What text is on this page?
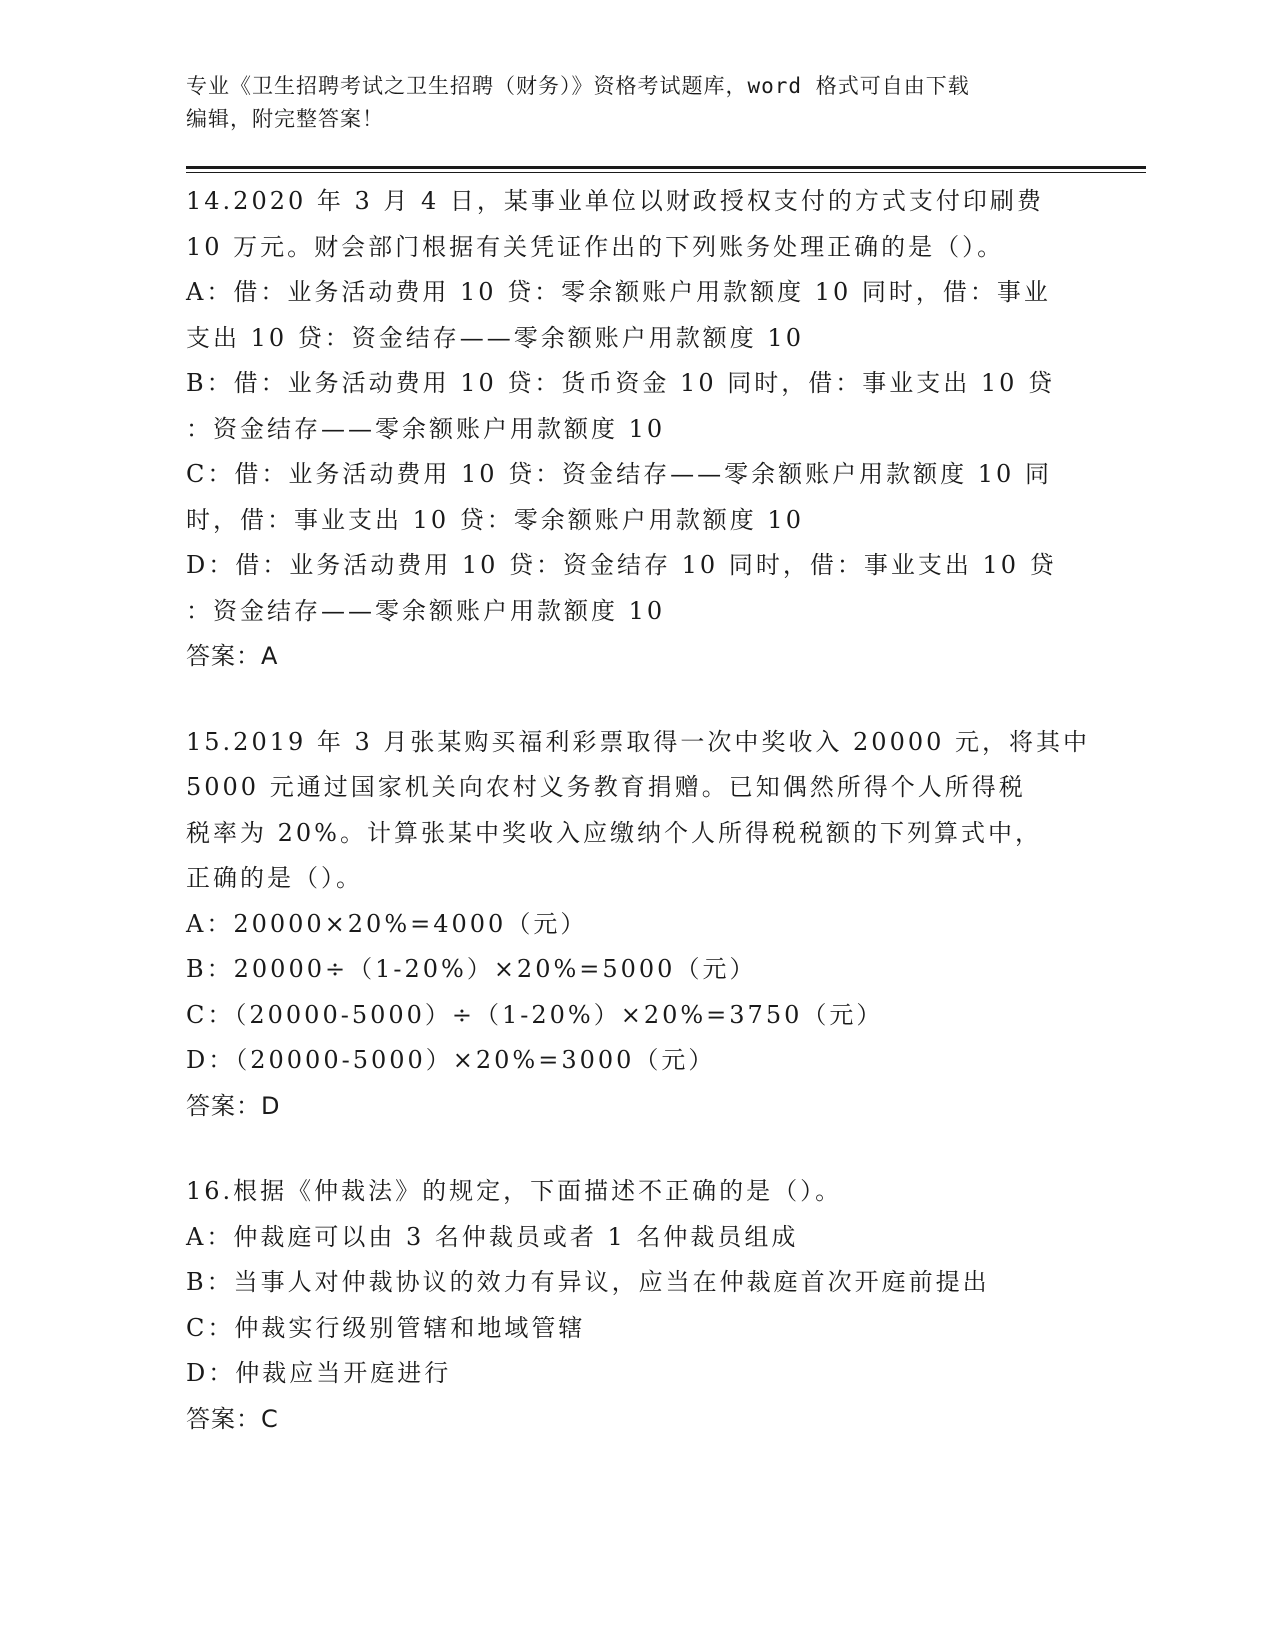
专业《卫生招聘考试之卫生招聘（财务）》资格考试题库，word 格式可自由下载
编辑，附完整答案！
14.2020 年 3 月 4 日，某事业单位以财政授权支付的方式支付印刷费
10 万元。财会部门根据有关凭证作出的下列账务处理正确的是（）。
A：借：业务活动费用 10 贷：零余额账户用款额度 10 同时，借：事业
支出 10 贷：资金结存——零余额账户用款额度 10
B：借：业务活动费用 10 贷：货币资金 10 同时，借：事业支出 10 贷
：资金结存——零余额账户用款额度 10
C：借：业务活动费用 10 贷：资金结存——零余额账户用款额度 10 同
时，借：事业支出 10 贷：零余额账户用款额度 10
D：借：业务活动费用 10 贷：资金结存 10 同时，借：事业支出 10 贷
：资金结存——零余额账户用款额度 10
答案：A
15.2019 年 3 月张某购买福利彩票取得一次中奖收入 20000 元，将其中
5000 元通过国家机关向农村义务教育捐赠。已知偶然所得个人所得税
税率为 20%。计算张某中奖收入应缴纳个人所得税税额的下列算式中，
正确的是（）。
A：20000×20%=4000（元）
B：20000÷（1-20%）×20%=5000（元）
C：（20000-5000）÷（1-20%）×20%=3750（元）
D：（20000-5000）×20%=3000（元）
答案：D
16.根据《仲裁法》的规定，下面描述不正确的是（）。
A：仲裁庭可以由 3 名仲裁员或者 1 名仲裁员组成
B：当事人对仲裁协议的效力有异议，应当在仲裁庭首次开庭前提出
C：仲裁实行级别管辖和地域管辖
D：仲裁应当开庭进行
答案：C
